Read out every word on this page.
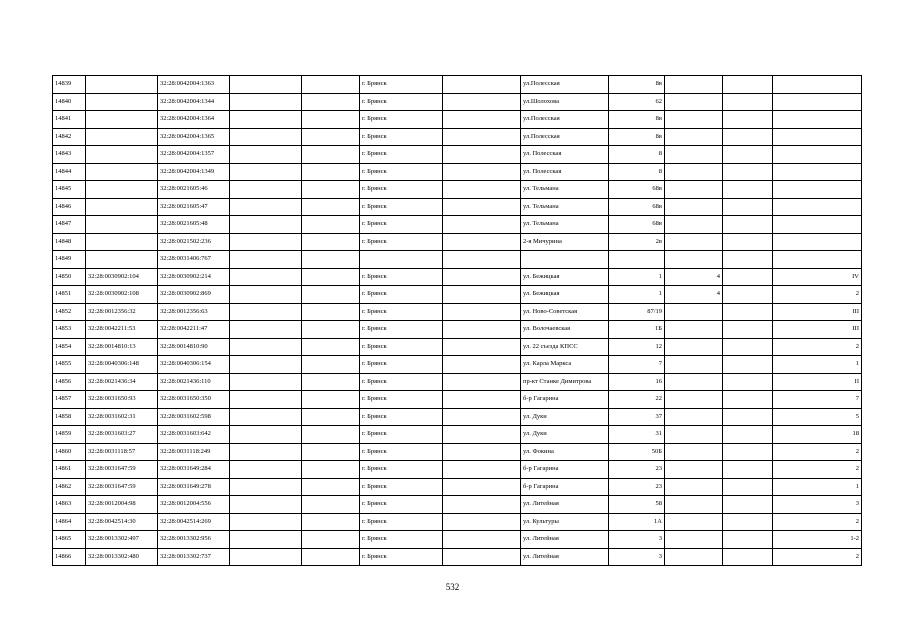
14839		32:28:0042004:1363			г. Брянск		ул.Полесская	8в			
14840		32:28:0042004:1344			г. Брянск		ул.Шолохова	62			
14841		32:28:0042004:1364			г. Брянск		ул.Полесская	8в			
14842		32:28:0042004:1365			г. Брянск		ул.Полесская	8в			
14843		32:28:0042004:1357			г. Брянск		ул. Полесская	8			
14844		32:28:0042004:1349			г. Брянск		ул. Полесская	8			
14845		32:28:0021605:46			г. Брянск		ул. Тельмана	68в			
14846		32:28:0021605:47			г. Брянск		ул. Тельмана	68в			
14847		32:28:0021605:48			г. Брянск		ул. Тельмана	68в			
14848		32:28:0021502:236			г. Брянск		2-я Мичурина	2в			
14849		32:28:0031406:767									
14850	32:28:0030902:104	32:28:0030902:214			г. Брянск		ул. Бежицкая	1	4		IV
14851	32:28:0030902:108	32:28:0030902:869			г. Брянск		ул. Бежицкая	1	4		2
14852	32:28:0012356:32	32:28:0012356:63			г. Брянск		ул. Ново-Советская	87/19			III
14853	32:28:0042211:53	32:28:0042211:47			г. Брянск		ул. Волочаевская	1Б			III
14854	32:28:0014810:13	32:28:0014810:90			г. Брянск		ул. 22 съезда КПСС	12			2
14855	32:28:0040306:148	32:28:0040306:154			г. Брянск		ул. Карла Маркса	7			1
14856	32:28:0021436:34	32:28:0021436:110			г. Брянск		пр-кт Станке Димитрова	16			II
14857	32:28:0031650:93	32:28:0031650:350			г. Брянск		б-р Гагарина	22			7
14858	32:28:0031602:31	32:28:0031602:598			г. Брянск		ул. Дуки	37			5
14859	32:28:0031603:27	32:28:0031603:642			г. Брянск		ул. Дуки	31			18
14860	32:28:0031118:57	32:28:0031118:249			г. Брянск		ул. Фокина	50Б			2
14861	32:28:0031647:59	32:28:0031649:284			г. Брянск		б-р Гагарина	23			2
14862	32:28:0031647:59	32:28:0031649:278			г. Брянск		б-р Гагарина	23			1
14863	32:28:0012004:98	32:28:0012004:556			г. Брянск		ул. Литейная	58			3
14864	32:28:0042514:30	32:28:0042514:269			г. Брянск		ул. Культуры	1А			2
14865	32:28:0013302:497	32:28:0013302:956			г. Брянск		ул. Литейная	3			1-2
14866	32:28:0013302:480	32:28:0013302:737			г. Брянск		ул. Литейная	3			2
532
